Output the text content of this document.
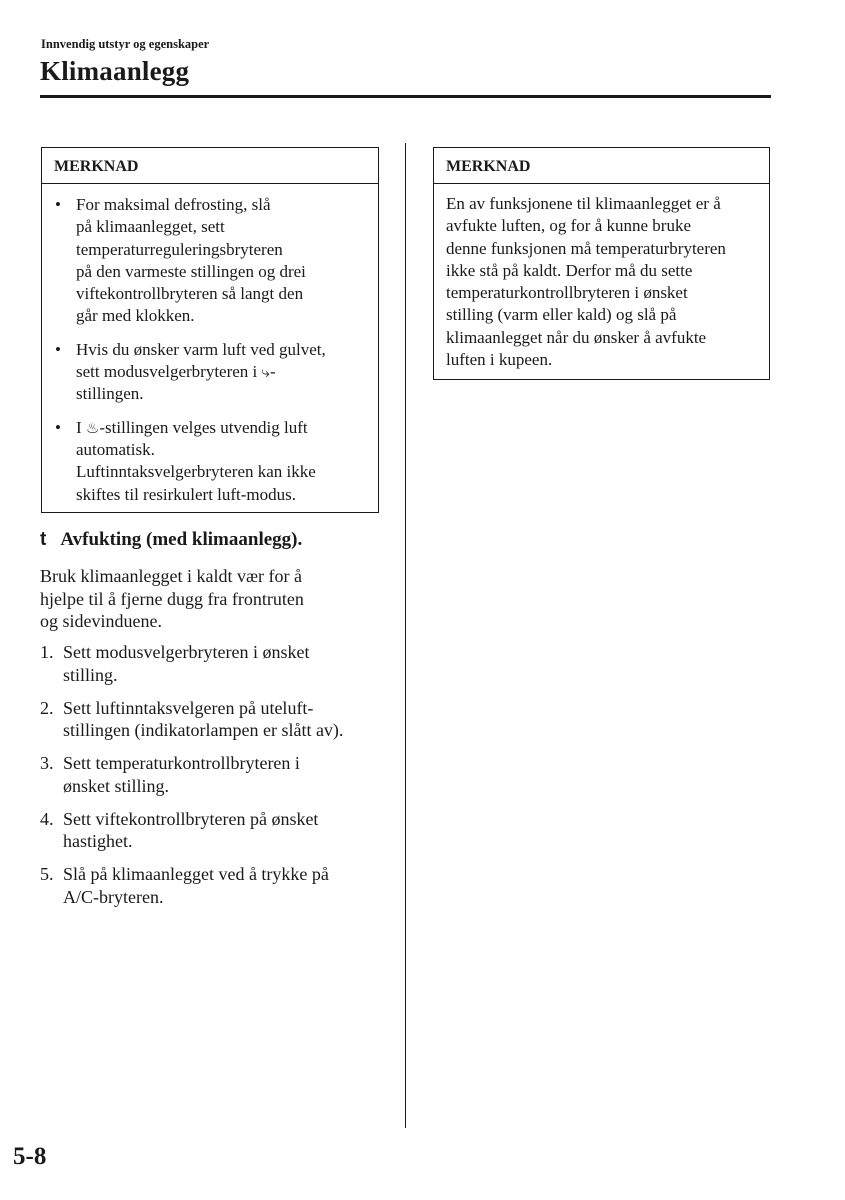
Innvendig utstyr og egenskaper
Klimaanlegg
MERKNAD
• For maksimal defrosting, slå
på klimaanlegget, sett
temperaturreguleringsbryteren
på den varmeste stillingen og drei
viftekontrollbryteren så langt den
går med klokken.
• Hvis du ønsker varm luft ved gulvet,
sett modusvelgerbryteren i ⤷-
stillingen.
• I ♨-stillingen velges utvendig luft
automatisk.
Luftinntaksvelgerbryteren kan ikke
skiftes til resirkulert luft-modus.
MERKNAD
En av funksjonene til klimaanlegget er å
avfukte luften, og for å kunne bruke
denne funksjonen må temperaturbryteren
ikke stå på kaldt. Derfor må du sette
temperaturkontrollbryteren i ønsket
stilling (varm eller kald) og slå på
klimaanlegget når du ønsker å avfukte
luften i kupeen.
t Avfukting (med klimaanlegg).

Bruk klimaanlegget i kaldt vær for å
hjelpe til å fjerne dugg fra frontruten
og sidevinduene.

1. Sett modusvelgerbryteren i ønsket
stilling.
2. Sett luftinntaksvelgeren på uteluft-
stillingen (indikatorlampen er slått av).
3. Sett temperaturkontrollbryteren i
ønsket stilling.
4. Sett viftekontrollbryteren på ønsket
hastighet.
5. Slå på klimaanlegget ved å trykke på
A/C-bryteren.
5-8
